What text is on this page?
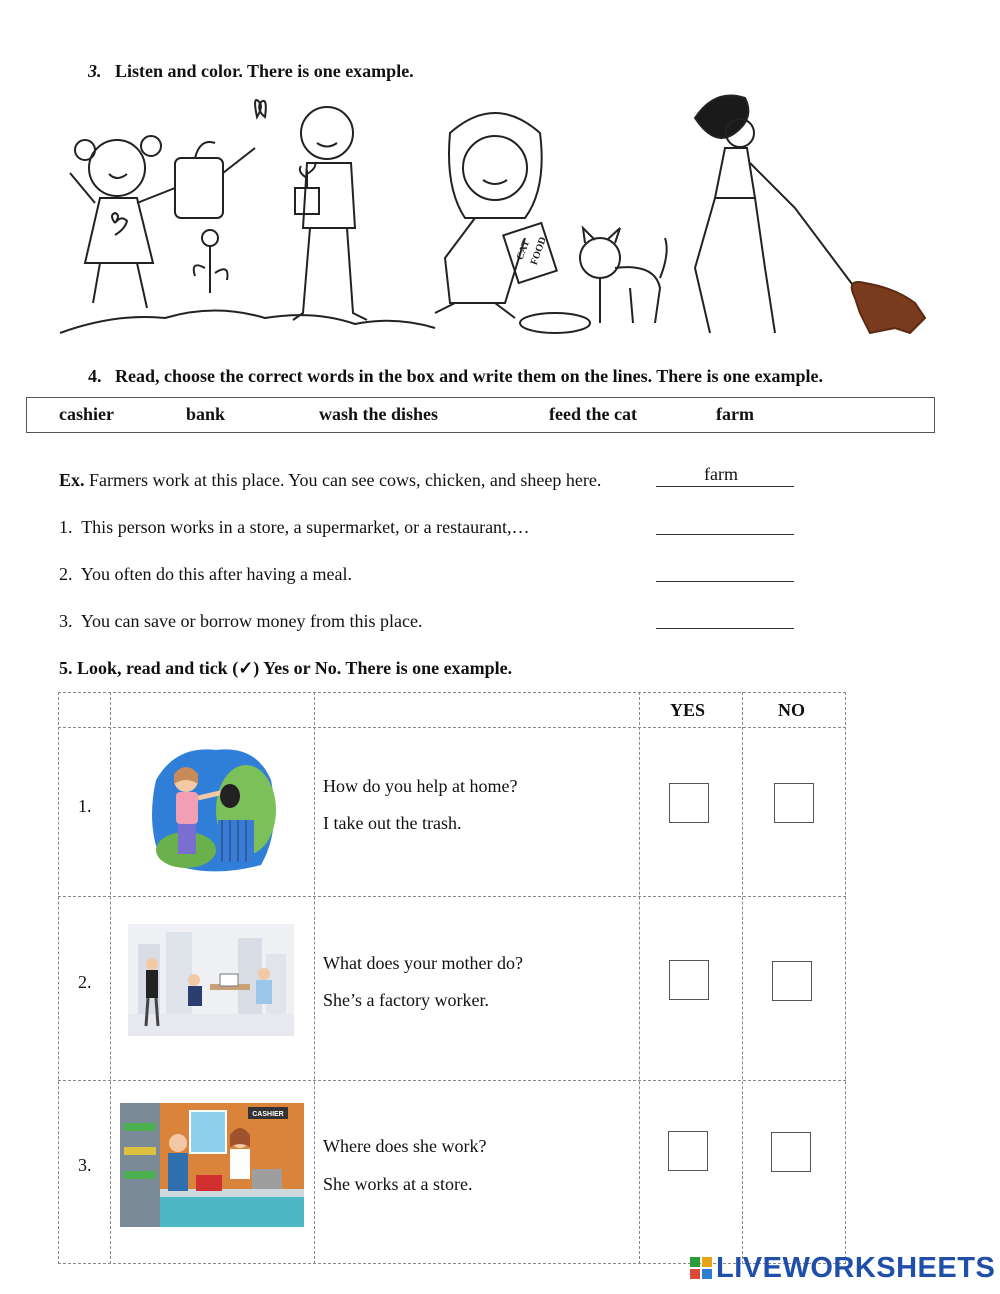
3. Listen and color. There is one example.
CAT
FOOD
4. Read, choose the correct words in the box and write them on the lines. There is one example.
cashier	bank	wash the dishes	feed the cat	farm
Ex. Farmers work at this place. You can see cows, chicken, and sheep here.	farm
1. This person works in a store, a supermarket, or a restaurant,…
2. You often do this after having a meal.
3. You can save or borrow money from this place.
5. Look, read and tick (✓) Yes or No. There is one example.
YES	NO
1.
How do you help at home?
I take out the trash.
2.
What does your mother do?
She’s a factory worker.
3.
CASHIER
Where does she work?
She works at a store.
LIVEWORKSHEETS
